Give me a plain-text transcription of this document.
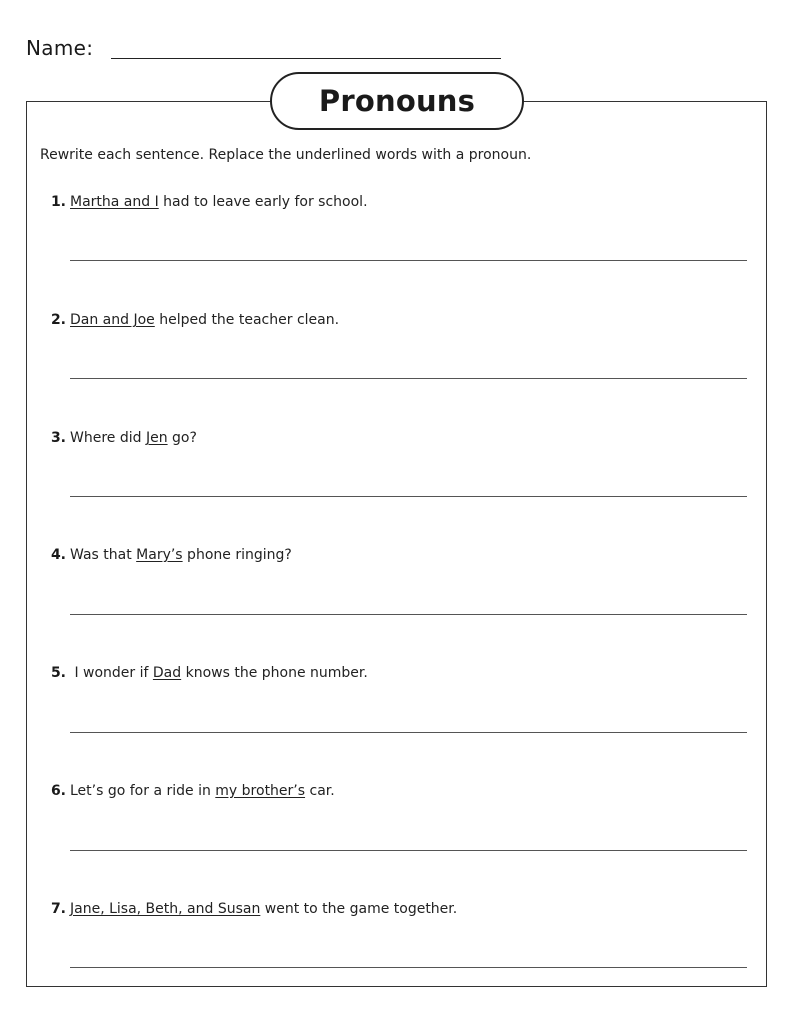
Name:
Pronouns
Rewrite each sentence. Replace the underlined words with a pronoun.
1. Martha and I had to leave early for school.
2. Dan and Joe helped the teacher clean.
3. Where did Jen go?
4. Was that Mary’s phone ringing?
5. I wonder if Dad knows the phone number.
6. Let’s go for a ride in my brother’s car.
7. Jane, Lisa, Beth, and Susan went to the game together.
